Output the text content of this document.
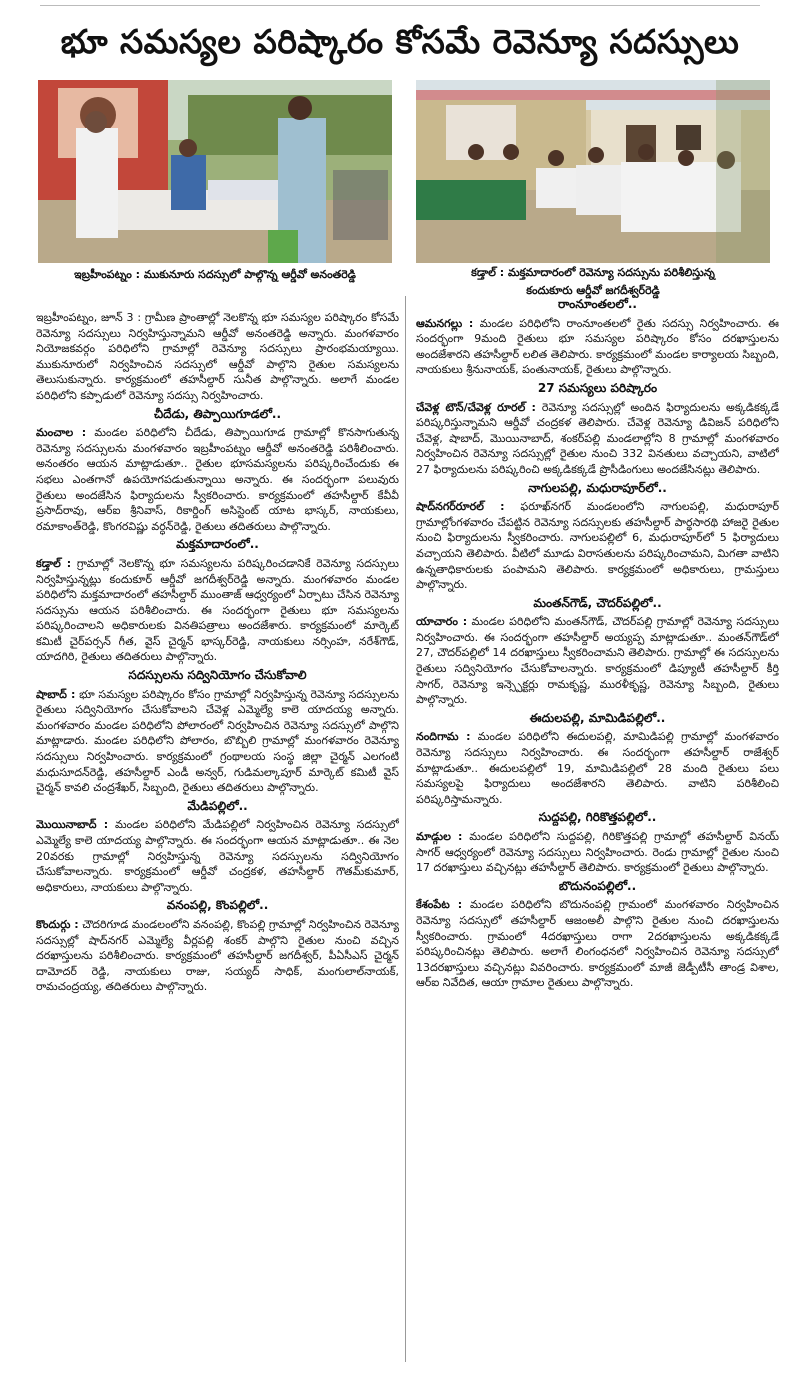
భూ సమస్యల పరిష్కారం కోసమే రెవెన్యూ సదస్సులు
ఇబ్రహీంపట్నం : ముకునూరు సదస్సులో పాల్గొన్న ఆర్డీవో అనంతరెడ్డి	కడ్తాల్ : మక్తమాదారంలో రెవెన్యూ సదస్సును పరిశీలిస్తున్న
కందుకూరు ఆర్డీవో జగదీశ్వర్‌రెడ్డి

ఇబ్రహీంపట్నం, జూన్ 3 : గ్రామీణ ప్రాంతాల్లో నెలకొన్న భూ సమస్యల పరిష్కారం కోసమే రెవెన్యూ సదస్సులు నిర్వహిస్తున్నామని ఆర్డీవో అనంతరెడ్డి అన్నారు. మంగళవారం నియోజకవర్గం పరిధిలోని గ్రామాల్లో రెవెన్యూ సదస్సులు ప్రారంభమయ్యాయి. ముకునూరులో నిర్వహించిన సదస్సులో ఆర్డీవో పాల్గొని రైతుల సమస్యలను తెలుసుకున్నారు. కార్యక్రమంలో తహసీల్దార్ సునీత పాల్గొన్నారు. అలాగే మండల పరిధిలోని కప్పాడులో రెవెన్యూ సదస్సు నిర్వహించారు.

చీదేడు, తిప్పాయిగూడలో..

మంచాల : మండల పరిధిలోని చీదేడు, తిప్పాయిగూడ గ్రామాల్లో కొనసాగుతున్న రెవెన్యూ సదస్సులను మంగళవారం ఇబ్రహీంపట్నం ఆర్డీవో అనంతరెడ్డి పరిశీలించారు. అనంతరం ఆయన మాట్లాడుతూ.. రైతుల భూసమస్యలను పరిష్కరించేందుకు ఈ సభలు ఎంతగానో ఉపయోగపడుతున్నాయి అన్నారు. ఈ సందర్భంగా పలువురు రైతులు అందజేసిన ఫిర్యాదులను స్వీకరించారు. కార్యక్రమంలో తహసీల్దార్ కేవీవీ ప్రసాద్‌రావు, ఆర్ఐ శ్రీనివాస్, రికార్డింగ్ అసిస్టెంట్ యాట భాస్కర్, నాయకులు, రమాకాంత్‌రెడ్డి, కొంగరవిష్ణు వర్ధన్‌రెడ్డి, రైతులు తదితరులు పాల్గొన్నారు.

మక్తమాదారంలో..

కడ్తాల్ : గ్రామాల్లో నెలకొన్న భూ సమస్యలను పరిష్కరించడానికే రెవెన్యూ సదస్సులు నిర్వహిస్తున్నట్లు కందుకూర్ ఆర్డీవో జగదీశ్వర్‌రెడ్డి అన్నారు. మంగళవారం మండల పరిధిలోని మక్తమాదారంలో తహసీల్దార్ ముంతాజ్ ఆధ్వర్యంలో ఏర్పాటు చేసిన రెవెన్యూ సదస్సును ఆయన పరిశీలించారు. ఈ సందర్భంగా రైతులు భూ సమస్యలను పరిష్కరించాలని అధికారులకు వినతిపత్రాలు అందజేశారు. కార్యక్రమంలో మార్కెట్ కమిటీ చైర్‌పర్సన్ గీత, వైస్ చైర్మన్ భాస్కర్‌రెడ్డి, నాయకులు నర్సింహ, నరేశ్‌గౌడ్, యాదగిరి, రైతులు తదితరులు పాల్గొన్నారు.

సదస్సులను సద్వినియోగం చేసుకోవాలి

షాబాద్ : భూ సమస్యల పరిష్కారం కోసం గ్రామాల్లో నిర్వహిస్తున్న రెవెన్యూ సదస్సులను రైతులు సద్వినియోగం చేసుకోవాలని చేవెళ్ల ఎమ్మెల్యే కాలె యాదయ్య అన్నారు. మంగళవారం మండల పరిధిలోని పోలారంలో నిర్వహించిన రెవెన్యూ సదస్సులో పాల్గొని మాట్లాడారు. మండల పరిధిలోని పోలారం, బొబ్బిలి గ్రామాల్లో మంగళవారం రెవెన్యూ సదస్సులు నిర్వహించారు. కార్యక్రమంలో గ్రంథాలయ సంస్థ జిల్లా చైర్మన్ ఎలగంటి మధుసూదన్‌రెడ్డి, తహసీల్దార్ ఎండీ అన్వర్, గుడిమల్కాపూర్ మార్కెట్ కమిటీ వైస్ చైర్మన్ కావలి చంద్రశేఖర్, సిబ్బంది, రైతులు తదితరులు పాల్గొన్నారు.

మేడిపల్లిలో..

మొయినాబాద్ : మండల పరిధిలోని మేడిపల్లిలో నిర్వహించిన రెవెన్యూ సదస్సులో ఎమ్మెల్యే కాలె యాదయ్య పాల్గొన్నారు. ఈ సందర్భంగా ఆయన మాట్లాడుతూ.. ఈ నెల 20వరకు గ్రామాల్లో నిర్వహిస్తున్న రెవెన్యూ సదస్సులను సద్వినియోగం చేసుకోవాలన్నారు. కార్యక్రమంలో ఆర్డీవో చంద్రకళ, తహసీల్దార్ గౌతమ్‌కుమార్, అధికారులు, నాయకులు పాల్గొన్నారు.

వనంపల్లి, కొంపల్లిలో..

కొందుర్గు : చౌదరిగూడ మండలంలోని వనంపల్లి, కొంపల్లి గ్రామాల్లో నిర్వహించిన రెవెన్యూ సదస్సుల్లో షాద్‌నగర్ ఎమ్మెల్యే వీర్లపల్లి శంకర్ పాల్గొని రైతుల నుంచి వచ్చిన దరఖాస్తులను పరిశీలించారు. కార్యక్రమంలో తహసీల్దార్ జగదీశ్వర్, పీఏసీఎస్ చైర్మన్ దామోదర్ రెడ్డి, నాయకులు రాజు, సయ్యద్ సాధిక్, మంగులాల్‌నాయక్, రామచంద్రయ్య, తదితరులు పాల్గొన్నారు.

రాంనూంతలలో..

ఆమనగల్లు : మండల పరిధిలోని రాంనూంతలలో రైతు సదస్సు నిర్వహించారు. ఈ సందర్భంగా 9మంది రైతులు భూ సమస్యల పరిష్కారం కోసం దరఖాస్తులను అందజేశారని తహసీల్దార్ లలిత తెలిపారు. కార్యక్రమంలో మండల కార్యాలయ సిబ్బంది, నాయకులు శ్రీనునాయక్, పంతునాయక్, రైతులు పాల్గొన్నారు.

27 సమస్యలు పరిష్కారం

చేవెళ్ల టౌన్/చేవెళ్ల రూరల్ : రెవెన్యూ సదస్సుల్లో అందిన ఫిర్యాదులను అక్కడికక్కడే పరిష్కరిస్తున్నామని ఆర్డీవో చంద్రకళ తెలిపారు. చేవెళ్ల రెవెన్యూ డివిజన్ పరిధిలోని చేవెళ్ల, షాబాద్, మొయినాబాద్, శంకర్‌పల్లి మండలాల్లోని 8 గ్రామాల్లో మంగళవారం నిర్వహించిన రెవెన్యూ సదస్సుల్లో రైతుల నుంచి 332 వినతులు వచ్చాయని, వాటిలో 27 ఫిర్యాదులను పరిష్కరించి అక్కడికక్కడే ప్రొసీడింగులు అందజేసినట్లు తెలిపారు.

నాగులపల్లి, మధురాపూర్‌లో..

షాద్‌నగర్‌రూరల్ : ఫరూఖ్‌నగర్ మండలంలోని నాగులపల్లి, మధురాపూర్ గ్రామాల్లోంగళవారం చేపట్టిన రెవెన్యూ సదస్సులకు తహసీల్దార్ పార్థసారథి హాజరై రైతుల నుంచి ఫిర్యాదులను స్వీకరించారు. నాగులపల్లిలో 6, మధురాపూర్‌లో 5 ఫిర్యాదులు వచ్చాయని తెలిపారు. వీటిలో మూడు విరాసతులను పరిష్కరించామని, మిగతా వాటిని ఉన్నతాధికారులకు పంపామని తెలిపారు. కార్యక్రమంలో అధికారులు, గ్రామస్తులు పాల్గొన్నారు.

మంతన్‌గౌడ్, చౌదర్‌పల్లిలో..

యాచారం : మండల పరిధిలోని మంతన్‌గౌడ్, చౌదర్‌పల్లి గ్రామాల్లో రెవెన్యూ సదస్సులు నిర్వహించారు. ఈ సందర్భంగా తహసీల్దార్ అయ్యప్ప మాట్లాడుతూ.. మంతన్‌గౌడ్‌లో 27, చౌదర్‌పల్లిలో 14 దరఖాస్తులు స్వీకరించామని తెలిపారు. గ్రామాల్లో ఈ సదస్సులను రైతులు సద్వినియోగం చేసుకోవాలన్నారు. కార్యక్రమంలో డిప్యూటీ తహసీల్దార్ కీర్తి సాగర్, రెవెన్యూ ఇన్స్పెక్టర్లు రామకృష్ణ, మురళీకృష్ణ, రెవెన్యూ సిబ్బంది, రైతులు పాల్గొన్నారు.

ఈదులపల్లి, మామిడిపల్లిలో..

నందిగామ : మండల పరిధిలోని ఈదులపల్లి, మామిడిపల్లి గ్రామాల్లో మంగళవారం రెవెన్యూ సదస్సులు నిర్వహించారు. ఈ సందర్భంగా తహసీల్దార్ రాజేశ్వర్ మాట్లాడుతూ.. ఈదులపల్లిలో 19, మామిడిపల్లిలో 28 మంది రైతులు పలు సమస్యలపై ఫిర్యాదులు అందజేశారని తెలిపారు. వాటిని పరిశీలించి పరిష్కరిస్తామన్నారు.

సుద్దపల్లి, గిరికొత్తపల్లిలో..

మాడ్గుల : మండల పరిధిలోని సుద్దపల్లి, గిరికొత్తపల్లి గ్రామాల్లో తహసీల్దార్ వినయ్ సాగర్ ఆధ్వర్యంలో రెవెన్యూ సదస్సులు నిర్వహించారు. రెండు గ్రామాల్లో రైతుల నుంచి 17 దరఖాస్తులు వచ్చినట్లు తహసీల్దార్ తెలిపారు. కార్యక్రమంలో రైతులు పాల్గొన్నారు.

బొదునంపల్లిలో..

కేశంపేట : మండల పరిధిలోని బొదునంపల్లి గ్రామంలో మంగళవారం నిర్వహించిన రెవెన్యూ సదస్సులో తహసీల్దార్ ఆజంఅలీ పాల్గొని రైతుల నుంచి దరఖాస్తులను స్వీకరించారు. గ్రామంలో 4దరఖాస్తులు రాగా 2దరఖాస్తులను అక్కడికక్కడే పరిష్కరించినట్లు తెలిపారు. అలాగే లింగంధనలో నిర్వహించిన రెవెన్యూ సదస్సులో 13దరఖాస్తులు వచ్చినట్లు వివరించారు. కార్యక్రమంలో మాజీ జెడ్పీటీసీ తాండ్ర విశాల, ఆర్ఐ నివేదిత, ఆయా గ్రామాల రైతులు పాల్గొన్నారు.
